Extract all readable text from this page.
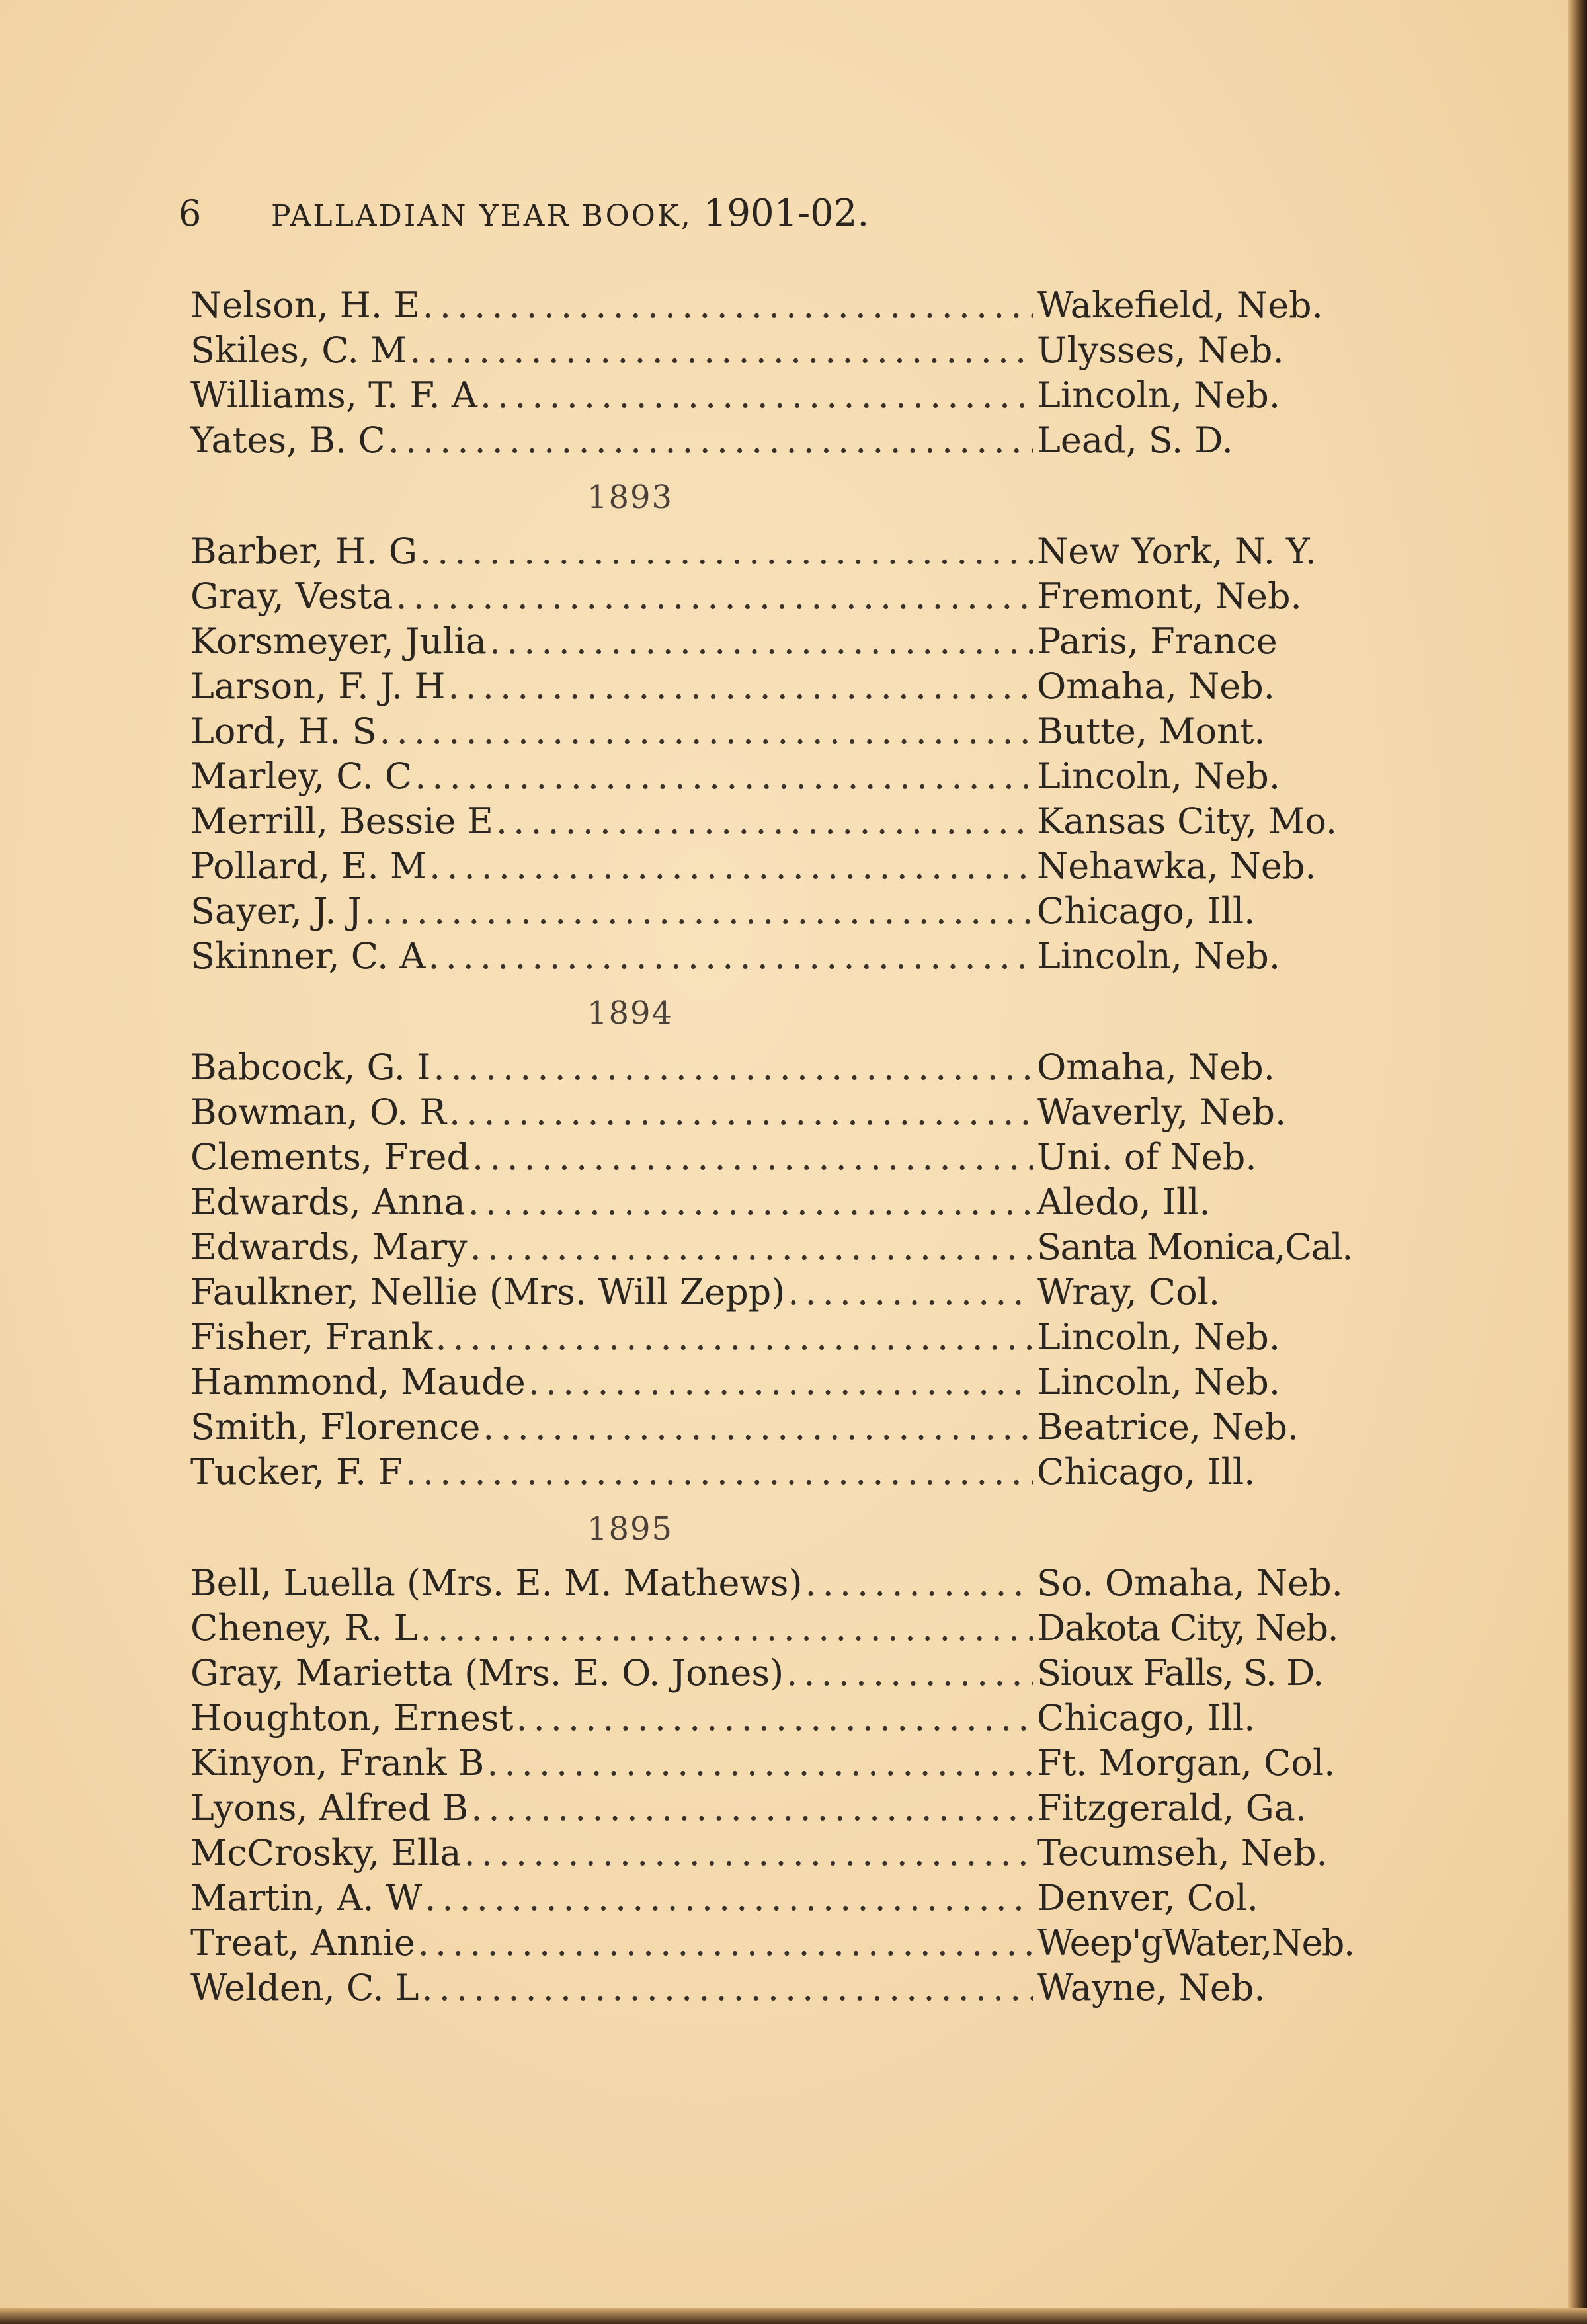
6 PALLADIAN YEAR BOOK, 1901-02.
Nelson, H. E .....	Wakefield, Neb.
Skiles, C. M .....	Ulysses, Neb.
Williams, T. F. A .....	Lincoln, Neb.
Yates, B. C .....	Lead, S. D.
1893
Barber, H. G .....	New York, N. Y.
Gray, Vesta .....	Fremont, Neb.
Korsmeyer, Julia .....	Paris, France
Larson, F. J. H .....	Omaha, Neb.
Lord, H. S .....	Butte, Mont.
Marley, C. C .....	Lincoln, Neb.
Merrill, Bessie E .....	Kansas City, Mo.
Pollard, E. M .....	Nehawka, Neb.
Sayer, J. J .....	Chicago, Ill.
Skinner, C. A .....	Lincoln, Neb.
1894
Babcock, G. I .....	Omaha, Neb.
Bowman, O. R .....	Waverly, Neb.
Clements, Fred .....	Uni. of Neb.
Edwards, Anna .....	Aledo, Ill.
Edwards, Mary .....	Santa Monica,Cal.
Faulkner, Nellie (Mrs. Will Zepp) .....	Wray, Col.
Fisher, Frank .....	Lincoln, Neb.
Hammond, Maude .....	Lincoln, Neb.
Smith, Florence .....	Beatrice, Neb.
Tucker, F. F .....	Chicago, Ill.
1895
Bell, Luella (Mrs. E. M. Mathews) .....	So. Omaha, Neb.
Cheney, R. L .....	Dakota City, Neb.
Gray, Marietta (Mrs. E. O. Jones) .....	Sioux Falls, S. D.
Houghton, Ernest .....	Chicago, Ill.
Kinyon, Frank B .....	Ft. Morgan, Col.
Lyons, Alfred B .....	Fitzgerald, Ga.
McCrosky, Ella .....	Tecumseh, Neb.
Martin, A. W .....	Denver, Col.
Treat, Annie .....	Weep'gWater,Neb.
Welden, C. L .....	Wayne, Neb.
